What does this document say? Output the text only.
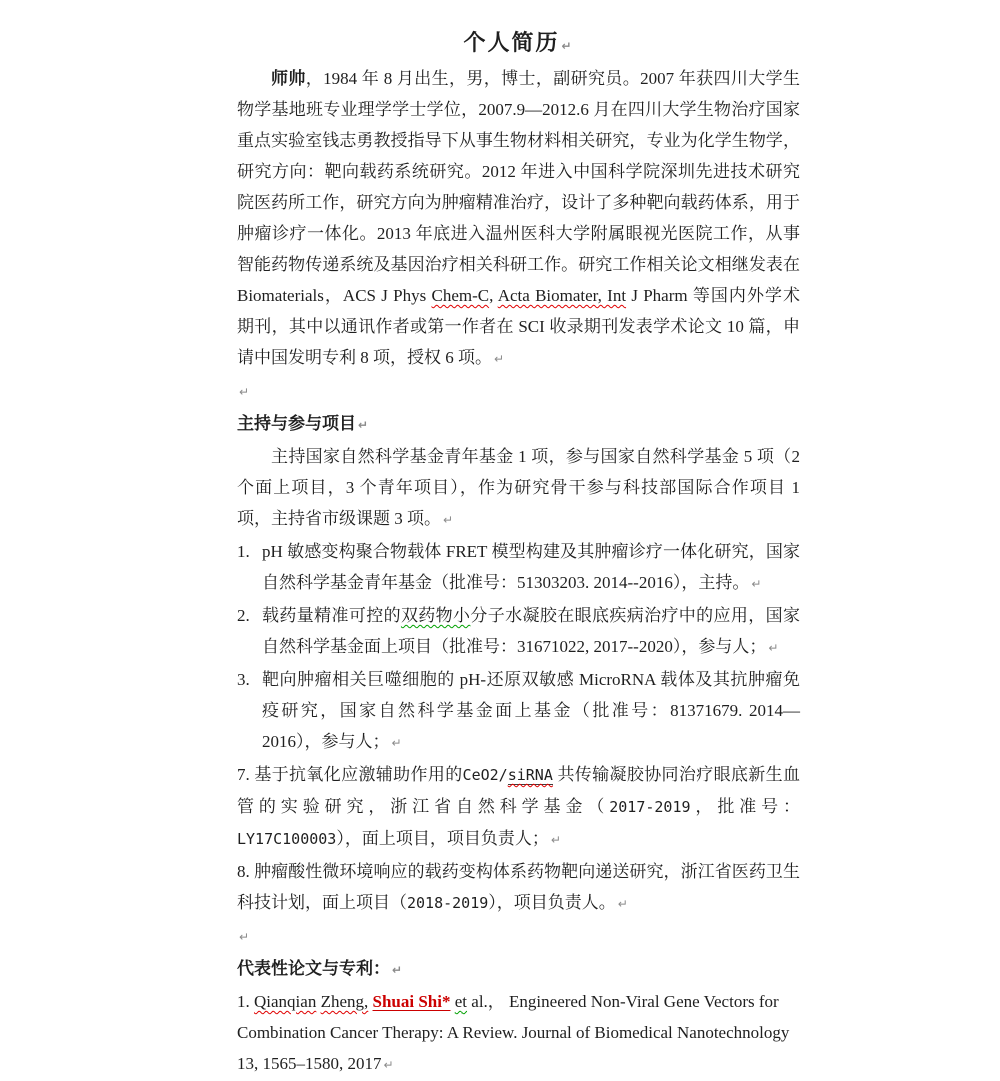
个人简历 ↵

师帅，1984 年 8 月出生，男，博士，副研究员。2007 年获四川大学生物学基地班专业理学学士学位，2007.9—2012.6 月在四川大学生物治疗国家重点实验室钱志勇教授指导下从事生物材料相关研究，专业为化学生物学，研究方向：靶向载药系统研究。2012 年进入中国科学院深圳先进技术研究院医药所工作，研究方向为肿瘤精准治疗，设计了多种靶向载药体系，用于肿瘤诊疗一体化。2013 年底进入温州医科大学附属眼视光医院工作，从事智能药物传递系统及基因治疗相关科研工作。研究工作相关论文相继发表在 Biomaterials，ACS J Phys Chem-C, Acta Biomater, Int J Pharm 等国内外学术期刊，其中以通讯作者或第一作者在 SCI 收录期刊发表学术论文 10 篇，申请中国发明专利 8 项，授权 6 项。 ↵

↵

主持与参与项目 ↵

主持国家自然科学基金青年基金 1 项，参与国家自然科学基金 5 项（2 个面上项目，3 个青年项目），作为研究骨干参与科技部国际合作项目 1 项，主持省市级课题 3 项。 ↵

1. pH 敏感变构聚合物载体 FRET 模型构建及其肿瘤诊疗一体化研究，国家自然科学基金青年基金（批准号：51303203. 2014--2016），主持。 ↵
2. 载药量精准可控的双药物小分子水凝胶在眼底疾病治疗中的应用，国家自然科学基金面上项目（批准号：31671022, 2017--2020），参与人； ↵
3. 靶向肿瘤相关巨噬细胞的 pH-还原双敏感 MicroRNA 载体及其抗肿瘤免疫研究，国家自然科学基金面上基金（批准号：81371679. 2014—2016），参与人； ↵
7. 基于抗氧化应激辅助作用的CeO2/siRNA 共传输凝胶协同治疗眼底新生血管的实验研究，浙江省自然科学基金（2017-2019，批准号：LY17C100003），面上项目，项目负责人； ↵
8. 肿瘤酸性微环境响应的载药变构体系药物靶向递送研究，浙江省医药卫生科技计划，面上项目（2018-2019），项目负责人。 ↵

↵

代表性论文与专利： ↵

1. Qianqian Zheng, Shuai Shi* et al.， Engineered Non-Viral Gene Vectors for Combination Cancer Therapy: A Review. Journal of Biomedical Nanotechnology 13, 1565–1580, 2017 ↵
